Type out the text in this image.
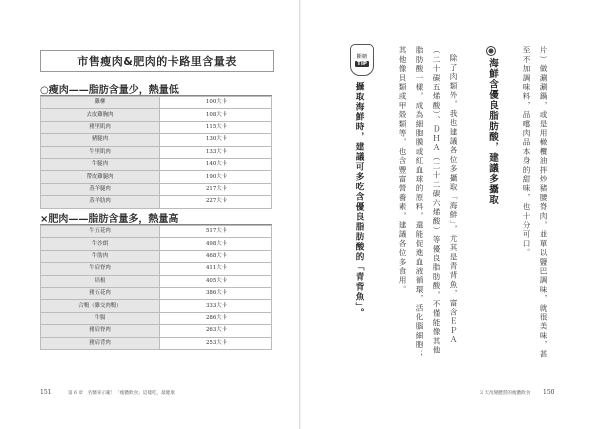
市售瘦肉&肥肉的卡路里含量表
○瘦肉——脂肪含量少，熱量低
雞柳	100大卡
去皮雞胸肉	108大卡
豬里肌肉	115大卡
豬腿肉	130大卡
牛里肌肉	133大卡
牛腿肉	140大卡
帶皮雞腿肉	190大卡
蒸羊腿肉	217大卡
蒸羊肋肉	227大卡
×肥肉——脂肪含量多，熱量高
牛五花肉	517大卡
牛沙朗	498大卡
牛肋肉	468大卡
牛肩脊肉	411大卡
培根	405大卡
豬五花肉	386大卡
合鴨（雜交肉鴨）	333大卡
牛腸	286大卡
豬肩脊肉	263大卡
豬肩背肉	253大卡
151	第 6 章　名醫來示範！「瘦體飲食」這樣吃，最健康
斷糖
TIP
攝取海鮮時，建議可多吃含優良脂肪酸的「青背魚」。	其他像貝類或甲殼類等，也含豐富營養素，建議各位多食用。 脂肪酸一樣，成為細胞膜或紅血球的原料，還能促進血液循環，活化腦細胞； （二十碳五烯酸）、ＤＨＡ（二十二碳六烯酸）等優良脂肪酸，不僅能像其他 除了肉類外，我也建議各位多攝取「海鮮」，尤其是青背魚，富含ＥＰＡ	海鮮含優良脂肪酸，建議多攝取	至不加調味料，品嚐肉品本身的甜味，也十分可口。 片）做涮涮鍋，或是用橄欖油拌炒豬腰脊肉，並單以鹽巴調味，就很美味，甚
3 天改變體質的瘦體飲食 150
